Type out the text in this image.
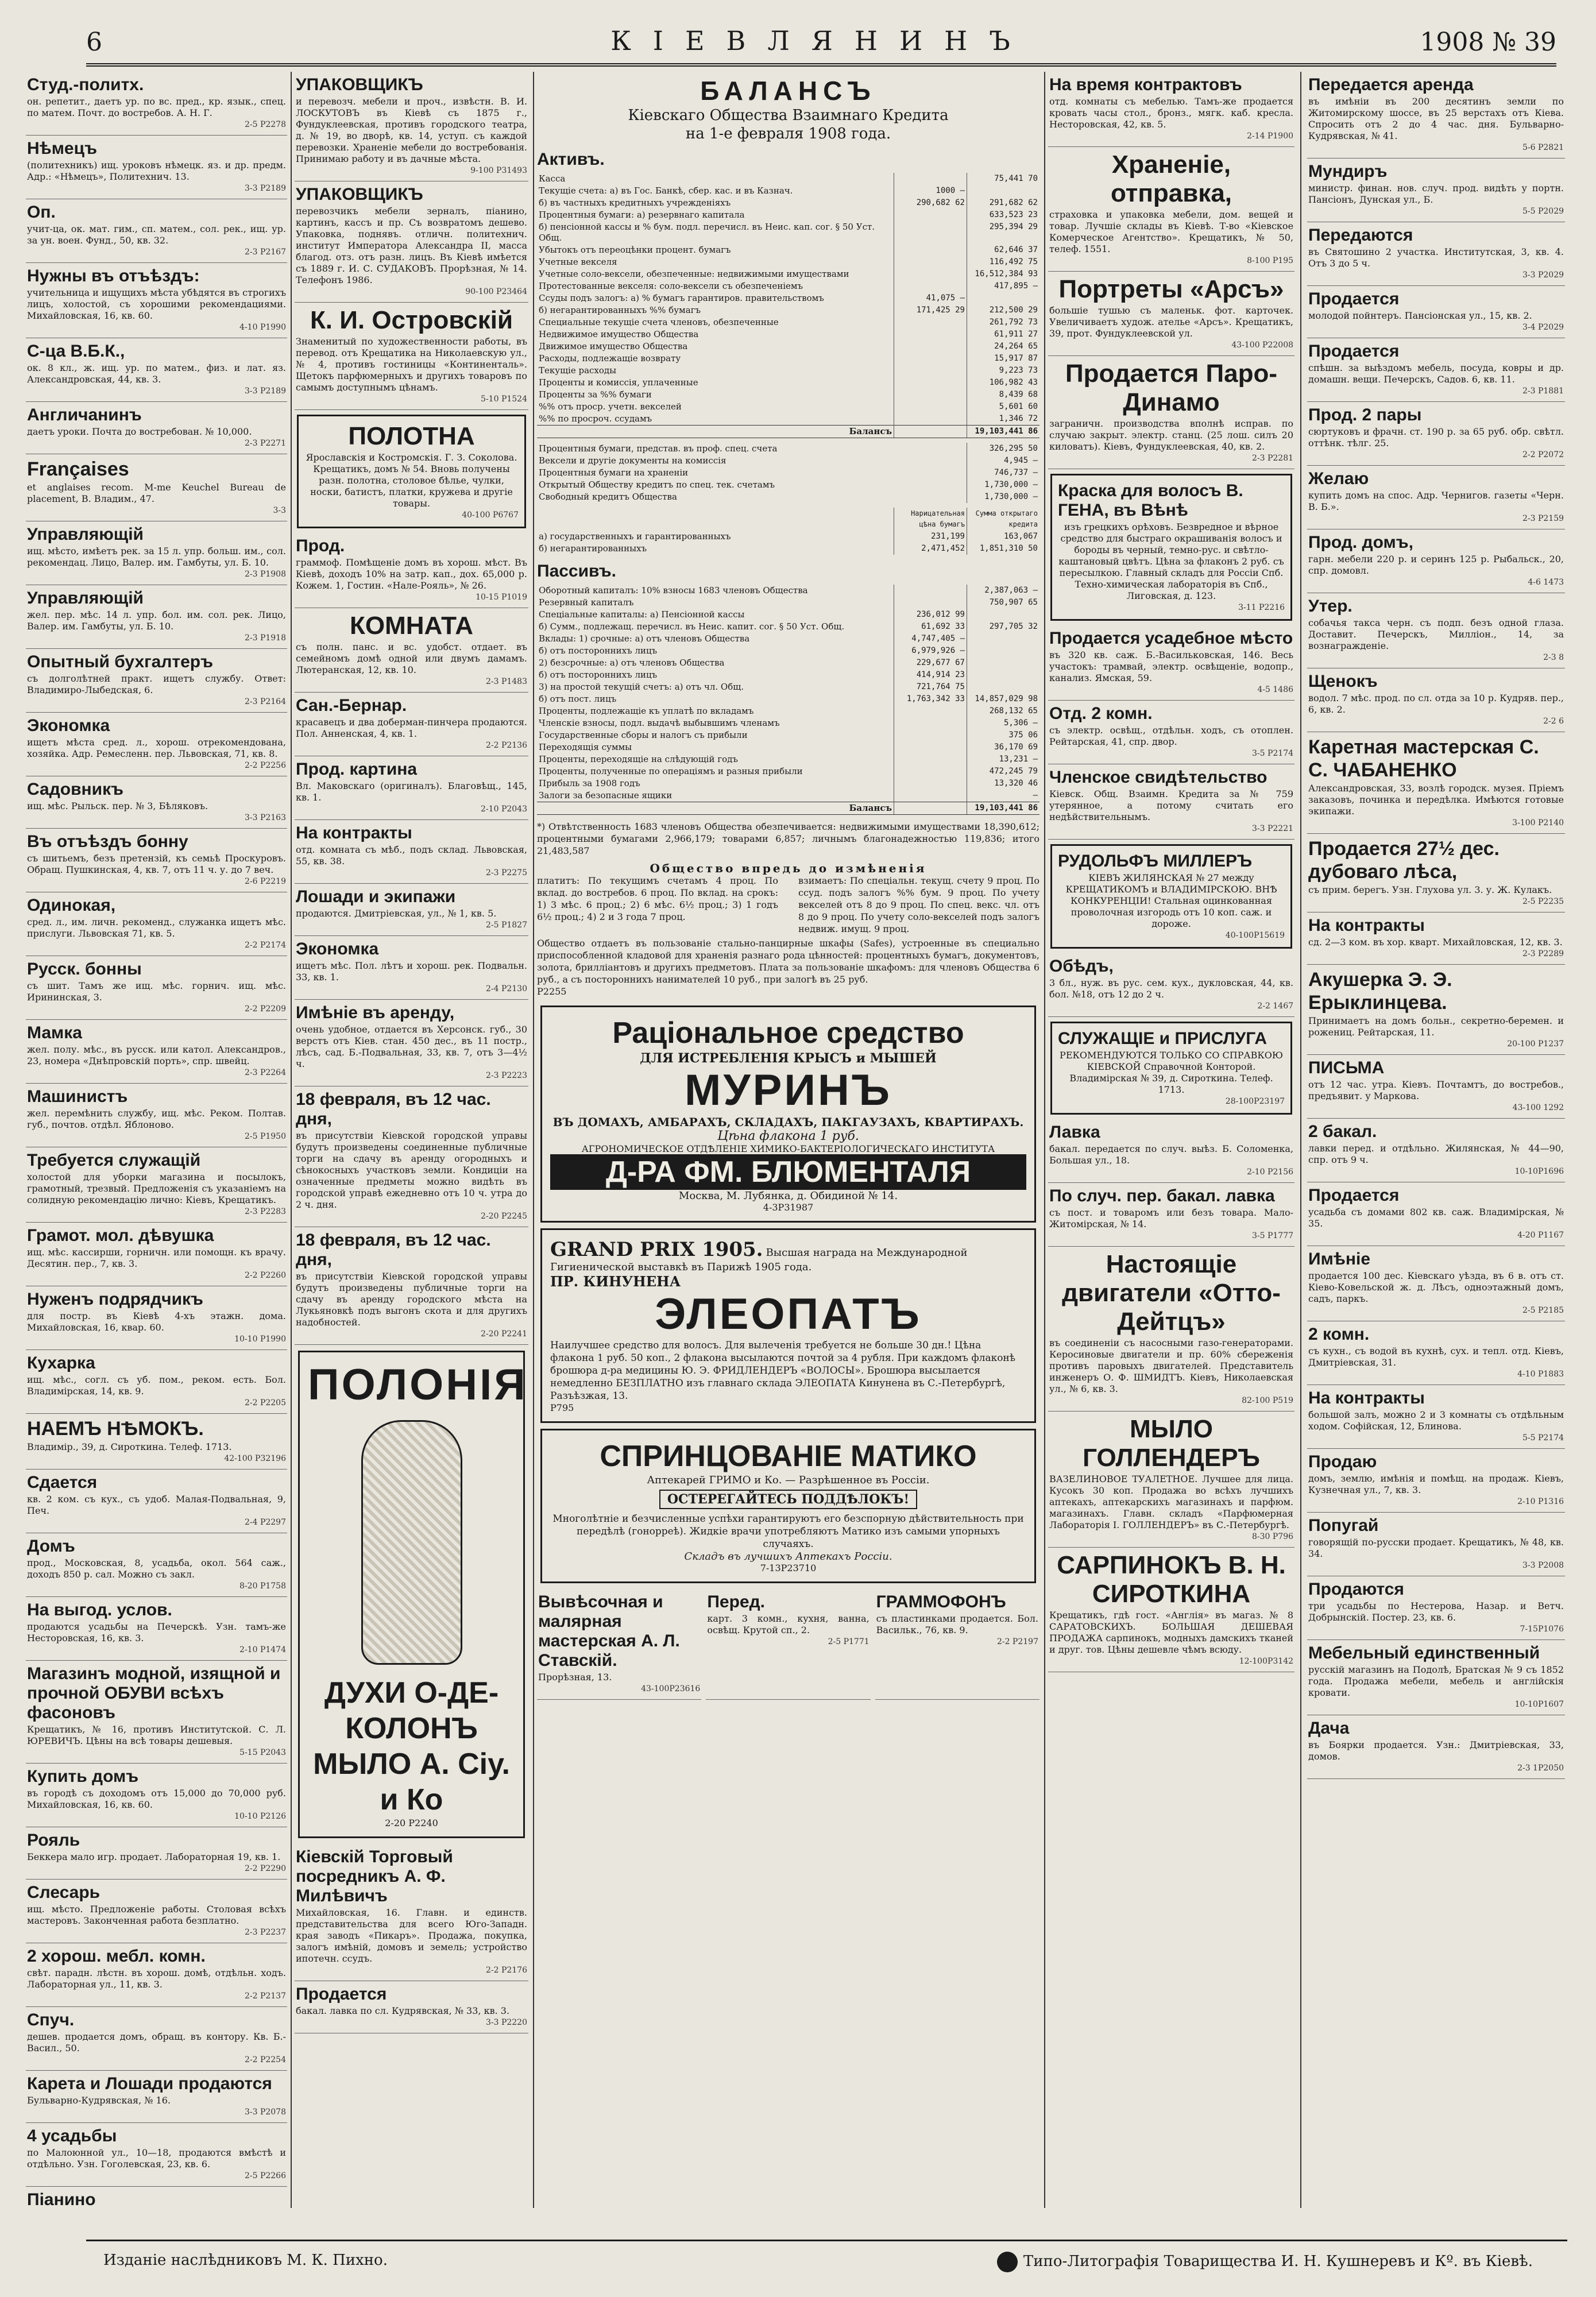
6	КІЕВЛЯНИНЪ	1908 № 39
Студ.-политх.
он. репетит., даетъ ур. по вс. пред., кр. язык., спец. по матем. Почт. до востребов. А. Н. Г.
2-5 Р2278
Нѣмецъ
(политехникъ) ищ. уроковъ нѣмецк. яз. и др. предм. Адр.: «Нѣмецъ», Политехнич. 13.
3-3 Р2189
Оп.
учит-ца, ок. мат. гим., сп. матем., сол. рек., ищ. ур. за ун. воен. Фунд., 50, кв. 32.
2-3 Р2167
Нужны въ отъѣздъ:
учительница и ищущихъ мѣста убѣдятся въ строгихъ лицъ, холостой, съ хорошими рекомендациями. Михайловская, 16, кв. 60.
4-10 Р1990
С-ца В.Б.К.,
ок. 8 кл., ж. ищ. ур. по матем., физ. и лат. яз. Александровская, 44, кв. 3.
3-3 Р2189
Англичанинъ
даетъ уроки. Почта до востребован. № 10,000.
2-3 Р2271
Françaises
et anglaises recom. M-me Keuchel Bureau de placement, В. Владим., 47.
3-3
Управляющій
ищ. мѣсто, имѣетъ рек. за 15 л. упр. больш. им., сол. рекомендац. Лицо, Валер. им. Гамбуты, ул. Б. 10.
2-3 Р1908
Управляющій
жел. пер. мѣс. 14 л. упр. бол. им. сол. рек. Лицо, Валер. им. Гамбуты, ул. Б. 10.
2-3 Р1918
Опытный бухгалтеръ
съ долголѣтней практ. ищетъ службу. Ответ: Владимиро-Лыбедская, 6.
2-3 Р2164
Экономка
ищетъ мѣста сред. л., хорош. отрекомендована, хозяйка. Адр. Ремесленн. пер. Львовская, 71, кв. 8.
2-2 Р2256
Садовникъ
ищ. мѣс. Рыльск. пер. № 3, Бѣляковъ.
3-3 Р2163
Въ отъѣздъ бонну
съ шитьемъ, безъ претензій, къ семьѣ Проскуровъ. Обращ. Пушкинская, 4, кв. 7, отъ 11 ч. у. до 7 веч.
2-6 Р2219
Одинокая,
сред. л., им. личн. рекоменд., служанка ищетъ мѣс. прислуги. Львовская 71, кв. 5.
2-2 Р2174
Русск. бонны
съ шит. Тамъ же ищ. мѣс. горнич. ищ. мѣс. Ирининская, 3.
2-2 Р2209
Мамка
жел. полу. мѣс., въ русск. или катол. Александров., 23, номера «Днѣпровскій порть», спр. швейц.
2-3 Р2264
Машинистъ
жел. перемѣнить службу, ищ. мѣс. Реком. Полтав. губ., почтов. отдѣл. Яблоново.
2-5 Р1950
Требуется служащій
холостой для уборки магазина и посылокъ, грамотный, трезвый. Предложенія съ указаніемъ на солидную рекомендацію лично: Кіевъ, Крещатикъ.
2-3 Р2283
Грамот. мол. дѣвушка
ищ. мѣс. кассирши, горничн. или помощн. къ врачу. Десятин. пер., 7, кв. 3.
2-2 Р2260
Нуженъ подрядчикъ
для постр. въ Кіевѣ 4-хъ этажн. дома. Михайловская, 16, квар. 60.
10-10 Р1990
Кухарка
ищ. мѣс., согл. съ уб. пом., реком. есть. Бол. Владимірская, 14, кв. 9.
2-2 Р2205
НАЕМЪ НѢМОКЪ.
Владимір., 39, д. Сироткина. Телеф. 1713.
42-100 Р32196
Сдается
кв. 2 ком. съ кух., съ удоб. Малая-Подвальная, 9, Печ.
2-4 Р2297
Домъ
прод., Московская, 8, усадьба, окол. 564 саж., доходъ 850 р. сал. Можно съ закл.
8-20 Р1758
На выгод. услов.
продаются усадьбы на Печерскѣ. Узн. тамъ-же Несторовская, 16, кв. 3.
2-10 Р1474
Магазинъ модной, изящной и прочной ОБУВИ всѣхъ фасоновъ
Крещатикъ, № 16, противъ Институтской. С. Л. ЮРЕВИЧЪ. Цѣны на всѣ товары дешевыя.
5-15 Р2043
Купить домъ
въ городѣ съ доходомъ отъ 15,000 до 70,000 руб. Михайловская, 16, кв. 60.
10-10 Р2126
Рояль
Беккера мало игр. продает. Лабораторная 19, кв. 1.
2-2 Р2290
Слесарь
ищ. мѣсто. Предложеніе работы. Столовая всѣхъ мастеровъ. Законченная работа безплатно.
2-3 Р2237
2 хорош. мебл. комн.
свѣт. парадн. лѣстн. въ хорош. домѣ, отдѣльн. ходъ. Лабораторная ул., 11, кв. 3.
2-2 Р2137
Спуч.
дешев. продается домъ, обращ. въ контору. Кв. Б.-Васил., 50.
2-2 Р2254
Карета и Лошади продаются
Бульварно-Кудрявская, № 16.
3-3 Р2078
4 усадьбы
по Малоюнной ул., 10—18, продаются вмѣстѣ и отдѣльно. Узн. Гоголевская, 23, кв. 6.
2-5 Р2266
Піанино
УПАКОВЩИКЪ
и перевозч. мебели и проч., извѣстн. В. И. ЛОСКУТОВЪ въ Кіевѣ съ 1875 г., Фундуклеевская, противъ городского театра, д. № 19, во дворѣ, кв. 14, уступ. съ каждой перевозки. Храненіе мебели до востребованія. Принимаю работу и въ дачные мѣста.
9-100 Р31493
УПАКОВЩИКЪ
перевозчикъ мебели зерналъ, піанино, картинъ, кассъ и пр. Съ возвратомъ дешево. Упаковка, поднявъ. отличн. политехнич. институт Императора Александра II, масса благод. отз. отъ разн. лицъ. Въ Кіевѣ имѣется съ 1889 г. И. С. СУДАКОВЪ. Прорѣзная, № 14. Телефонъ 1986.
90-100 Р23464
К. И. Островскій
Знаменитый по художественности работы, въ перевод. отъ Крещатика на Николаевскую ул., № 4, противъ гостиницы «Континенталь». Щетокъ парфюмерныхъ и другихъ товаровъ по самымъ доступнымъ цѣнамъ.
5-10 Р1524
ПОЛОТНА
Ярославскія и Костромскія. Г. З. Соколова. Крещатикъ, домъ № 54. Вновь получены разн. полотна, столовое бѣлье, чулки, носки, батистъ, платки, кружева и другіе товары.
40-100 Р6767
Прод.
граммоф. Помѣщеніе домъ въ хорош. мѣст. Въ Кіевѣ, доходъ 10% на затр. кап., дох. 65,000 р. Кожем. 1, Гостин. «Нале-Рояль», № 26.
10-15 Р1019
КОМНАТА
съ полн. панс. и вс. удобст. отдает. въ семейномъ домѣ одной или двумъ дамамъ. Лютеранская, 12, кв. 10.
2-3 Р1483
Сан.-Бернар.
красавецъ и два доберман-пинчера продаются. Пол. Анненская, 4, кв. 1.
2-2 Р2136
Прод. картина
Вл. Маковскаго (оригиналъ). Благовѣщ., 145, кв. 1.
2-10 Р2043
На контракты
отд. комната съ мѣб., подъ склад. Львовская, 55, кв. 38.
2-3 Р2275
Лошади и экипажи
продаются. Дмитріевская, ул., № 1, кв. 5.
2-5 Р1827
Экономка
ищетъ мѣс. Пол. лѣтъ и хорош. рек. Подвальн. 33, кв. 1.
2-4 Р2130
Имѣніе въ аренду,
очень удобное, отдается въ Херсонск. губ., 30 верстъ отъ Кіев. стан. 450 дес., въ 11 постр., лѣсъ, сад. Б.-Подвальная, 33, кв. 7, отъ 3—4½ ч.
2-3 Р2223
18 февраля, въ 12 час. дня,
въ присутствіи Кіевской городской управы будутъ произведены соединенные публичные торги на сдачу въ аренду огородныхъ и сѣнокосныхъ участковъ земли. Кондиціи на означенные предметы можно видѣть въ городской управѣ ежедневно отъ 10 ч. утра до 2 ч. дня.
2-20 Р2245
18 февраля, въ 12 час. дня,
въ присутствіи Кіевской городской управы будутъ произведены публичные торги на сдачу въ аренду городского мѣста на Лукьяновкѣ подъ выгонъ скота и для другихъ надобностей.
2-20 Р2241
ПОЛОНІЯ
ДУХИ О-ДЕ-КОЛОНЪ МЫЛО А. Сіу. и Ко
2-20 Р2240
Кіевскій Торговый посредникъ А. Ф. Милѣвичъ
Михайловская, 16. Главн. и единств. представительства для всего Юго-Западн. края заводъ «Пикаръ». Продажа, покупка, залогъ имѣній, домовъ и земель; устройство ипотечн. ссудъ.
2-2 Р2176
Продается
бакал. лавка по сл. Кудрявская, № 33, кв. 3.
3-3 Р2220
БАЛАНСЪ
Кіевскаго Общества Взаимнаго Кредита
на 1-е февраля 1908 года.
Активъ.
Касса		75,441 70
Текущіе счета: а) въ Гос. Банкѣ, сбер. кас. и въ Казнач.	1000 —	
б) въ частныхъ кредитныхъ учрежденіяхъ	290,682 62	291,682 62
Процентныя бумаги: а) резервнаго капитала		633,523 23
б) пенсіонной кассы и % бум. подл. перечисл. въ Неис. кап. сог. § 50 Уст. Общ.		295,394 29
Убытокъ отъ переоцѣнки процент. бумагъ		62,646 37
Учетные векселя		116,492 75
Учетные соло-вексели, обезпеченные: недвижимыми имуществами		16,512,384 93
Протестованные векселя: соло-вексели съ обезпеченіемъ		417,895 —
Ссуды подъ залогъ: а) % бумагъ гарантиров. правительствомъ	41,075 —	
б) негарантированныхъ %% бумагъ	171,425 29	212,500 29
Специальные текущіе счета членовъ, обезпеченные		261,792 73
Недвижимое имущество Общества		61,911 27
Движимое имущество Общества		24,264 65
Расходы, подлежащіе возврату		15,917 87
Текущіе расходы		9,223 73
Проценты и комиссія, уплаченные		106,982 43
Проценты за %% бумаги		8,439 68
%% отъ проср. учетн. векселей		5,601 60
%% по просроч. ссудамъ		1,346 72
Балансъ		19,103,441 86
Процентныя бумаги, представ. въ проф. спец. счета	326,295 50
Вексели и другіе документы на комиссія	4,945 —
Процентныя бумаги на храненіи	746,737 —
Открытый Обществу кредитъ по спец. тек. счетамъ	1,730,000 —
Свободный кредитъ Общества	1,730,000 —
	Нарицательная цѣна бумагъ	Сумма открытаго кредита
а) государственныхъ и гарантированныхъ	231,199	163,067
б) негарантированныхъ	2,471,452	1,851,310 50
Пассивъ.
Оборотный капиталъ: 10% взносы 1683 членовъ Общества		2,387,063 —
Резервный капиталъ		750,907 65
Спеціальные капиталы: а) Пенсіонной кассы	236,012 99	
б) Сумм., подлежащ. перечисл. въ Неис. капит. сог. § 50 Уст. Общ.	61,692 33	297,705 32
Вклады: 1) срочные: а) отъ членовъ Общества	4,747,405 —	
б) отъ постороннихъ лицъ	6,979,926 —	
2) безсрочные: а) отъ членовъ Общества	229,677 67	
б) отъ постороннихъ лицъ	414,914 23	
3) на простой текущій счетъ: а) отъ чл. Общ.	721,764 75	
б) отъ пост. лицъ	1,763,342 33	14,857,029 98
Проценты, подлежащіе къ уплатѣ по вкладамъ		268,132 65
Членскіе взносы, подл. выдачѣ выбывшимъ членамъ		5,306 —
Государственные сборы и налогъ съ прибыли		375 06
Переходящія суммы		36,170 69
Проценты, переходящіе на слѣдующій годъ		13,231 —
Проценты, полученные по операціямъ и разныя прибыли		472,245 79
Прибыль за 1908 годъ		13,320 46
Залоги за безопасные ящики		—
Балансъ		19,103,441 86
*) Отвѣтственность 1683 членовъ Общества обезпечивается: недвижимыми имуществами 18,390,612; процентными бумагами 2,966,179; товарами 6,857; личнымъ благонадежностью 119,836; итого 21,483,587
Общество впредь до измѣненія
платитъ: По текущимъ счетамъ 4 проц. По вклад. до востребов. 6 проц. По вклад. на срокъ: 1) 3 мѣс. 6 проц.; 2) 6 мѣс. 6½ проц.; 3) 1 годъ 6½ проц.; 4) 2 и 3 года 7 проц.
взимаетъ: По спеціальн. текущ. счету 9 проц. По ссуд. подъ залогъ %% бум. 9 проц. По учету векселей отъ 8 до 9 проц. По спец. векс. чл. отъ 8 до 9 проц. По учету соло-векселей подъ залогъ недвиж. имущ. 9 проц.
Общество отдаетъ въ пользованіе стально-панцирные шкафы (Safes), устроенные въ специально приспособленной кладовой для храненія разнаго рода цѣнностей: процентныхъ бумагъ, документовъ, золота, брилліантовъ и другихъ предметовъ. Плата за пользованіе шкафомъ: для членовъ Общества 6 руб., а съ постороннихъ нанимателей 10 руб., при залогѣ въ 25 руб.
Р2255
Раціональное средство
ДЛЯ ИСТРЕБЛЕНІЯ КРЫСЪ и МЫШЕЙ
МУРИНЪ
ВЪ ДОМАХЪ, АМБАРАХЪ, СКЛАДАХЪ, ПАКГАУЗАХЪ, КВАРТИРАХЪ.
Цѣна флакона 1 руб.
АГРОНОМИЧЕСКОЕ ОТДѢЛЕНІЕ ХИМИКО-БАКТЕРІОЛОГИЧЕСКАГО ИНСТИТУТА
Д-РА ФМ. БЛЮМЕНТАЛЯ
Москва, М. Лубянка, д. Обидиной № 14.
4-3Р31987
GRAND PRIX 1905. Высшая награда на Международной Гигиенической выставкѣ въ Парижѣ 1905 года.
ПР. КИНУНЕНА
ЭЛЕОПАТЪ
Наилучшее средство для волосъ. Для вылеченія требуется не больше 30 дн.! Цѣна флакона 1 руб. 50 коп., 2 флакона высылаются почтой за 4 рубля. При каждомъ флаконѣ брошюра д-ра медицины Ю. Э. ФРИДЛЕНДЕРЪ «ВОЛОСЫ». Брошюра высылается немедленно БЕЗПЛАТНО изъ главнаго склада ЭЛЕОПАТА Кинунена въ С.-Петербургѣ, Разъѣзжая, 13.
Р795
СПРИНЦОВАНІЕ МАТИКО
Аптекарей ГРИМО и Ко. — Разрѣшенное въ Россіи.
ОСТЕРЕГАЙТЕСЬ ПОДДѢЛОКЪ!
Многолѣтніе и безчисленные успѣхи гарантируютъ его безспорную дѣйствительность при передѣлѣ (гонорреѣ). Жидкіе врачи употребляютъ Матико изъ самыми упорныхъ случаяхъ.
Складъ въ лучшихъ Аптекахъ Россіи.
7-13Р23710
Вывѣсочная и малярная мастерская А. Л. Ставскій.
Прорѣзная, 13.
43-100Р23616
Перед.
карт. 3 комн., кухня, ванна, освѣщ. Крутой сп., 2.
2-5 Р1771
ГРАММОФОНЪ
съ пластинками продается. Бол. Васильк., 76, кв. 9.
2-2 Р2197
На время контрактовъ
отд. комнаты съ мебелью. Тамъ-же продается кровать часы стол., бронз., мягк. каб. кресла. Несторовская, 42, кв. 5.
2-14 Р1900
Храненіе, отправка,
страховка и упаковка мебели, дом. вещей и товар. Лучшіе склады въ Кіевѣ. Т-во «Кіевское Комерческое Агентство». Крещатикъ, № 50, телеф. 1551.
8-100 Р195
Портреты «Арсъ»
большіе тушью съ маленьк. фот. карточек. Увеличиваетъ худож. ателье «Арсъ». Крещатикъ, 39, прот. Фундуклеевской ул.
43-100 Р22008
Продается Паро-Динамо
заграничн. производства вполнѣ исправ. по случаю закрыт. электр. станц. (25 лош. силъ 20 киловатъ). Кіевъ, Фундуклеевская, 40, кв. 2.
2-3 Р2281
Краска для волосъ В. ГЕНА, въ Вѣнѣ
изъ грецкихъ орѣховъ. Безвредное и вѣрное средство для быстраго окрашиванія волосъ и бороды въ черный, темно-рус. и свѣтло-каштановый цвѣтъ. Цѣна за флаконъ 2 руб. съ пересылкою. Главный складъ для Россіи Спб. Техно-химическая лабораторія въ Спб., Лиговская, д. 123.
3-11 Р2216
Продается усадебное мѣсто
въ 320 кв. саж. Б.-Васильковская, 146. Весь участокъ: трамвай, электр. освѣщеніе, водопр., канализ. Ямская, 59.
4-5 1486
Отд. 2 комн.
съ электр. освѣщ., отдѣльн. ходъ, съ отоплен. Рейтарская, 41, спр. двор.
3-5 Р2174
Членское свидѣтельство
Кіевск. Общ. Взаимн. Кредита за № 759 утерянное, а потому считать его недѣйствительнымъ.
3-3 Р2221
РУДОЛЬФЪ МИЛЛЕРЪ
КІЕВЪ ЖИЛЯНСКАЯ № 27 между КРЕЩАТИКОМЪ и ВЛАДИМІРСКОЮ. ВНѢ КОНКУРЕНЦІИ! Стальная оцинкованная проволочная изгородь отъ 10 коп. саж. и дороже.
40-100Р15619
Обѣдъ,
3 бл., нуж. въ рус. сем. кух., дукловская, 44, кв. бол. №18, отъ 12 до 2 ч.
2-2 1467
СЛУЖАЩІЕ и ПРИСЛУГА
РЕКОМЕНДУЮТСЯ ТОЛЬКО СО СПРАВКОЮ КІЕВСКОЙ Справочной Конторой. Владимірская № 39, д. Сироткина. Телеф. 1713.
28-100Р23197
Лавка
бакал. передается по случ. выѣз. Б. Соломенка, Большая ул., 18.
2-10 Р2156
По случ. пер. бакал. лавка
съ пост. и товаромъ или безъ товара. Мало-Житомірская, № 14.
3-5 Р1777
Настоящіе двигатели «Отто-Дейтцъ»
въ соединеніи съ насосными газо-генераторами. Керосиновые двигатели и пр. 60% сбереженія противъ паровыхъ двигателей. Представитель инженеръ О. Ф. ШМИДТЪ. Кіевъ, Николаевская ул., № 6, кв. 3.
82-100 Р519
МЫЛО ГОЛЛЕНДЕРЪ
ВАЗЕЛИНОВОЕ ТУАЛЕТНОЕ. Лучшее для лица. Кусокъ 30 коп. Продажа во всѣхъ лучшихъ аптекахъ, аптекарскихъ магазинахъ и парфюм. магазинахъ. Главн. складъ «Парфюмерная Лабораторія І. ГОЛЛЕНДЕРЪ» въ С.-Петербургѣ.
8-30 Р796
САРПИНОКЪ В. Н. СИРОТКИНА
Крещатикъ, гдѣ гост. «Англія» въ магаз. № 8 САРАТОВСКИХЪ. БОЛЬШАЯ ДЕШЕВАЯ ПРОДАЖА сарпинокъ, модныхъ дамскихъ тканей и друг. тов. Цѣны дешевле чѣмъ всюду.
12-100Р3142
Передается аренда
въ имѣніи въ 200 десятинъ земли по Житомирскому шоссе, въ 25 верстахъ отъ Кіева. Спросить отъ 2 до 4 час. дня. Бульварно-Кудрявская, № 41.
5-6 Р2821
Мундиръ
министр. финан. нов. случ. прод. видѣть у портн. Пансіонъ, Дунская ул., Б.
5-5 Р2029
Передаются
въ Святошино 2 участка. Институтская, 3, кв. 4. Отъ 3 до 5 ч.
3-3 Р2029
Продается
молодой пойнтеръ. Пансіонская ул., 15, кв. 2.
3-4 Р2029
Продается
спѣшн. за выѣздомъ мебель, посуда, ковры и др. домашн. вещи. Печерскъ, Садов. 6, кв. 11.
2-3 Р1881
Прод. 2 пары
сюртуковъ и фрачн. ст. 190 р. за 65 руб. обр. свѣтл. оттѣнк. тѣлг. 25.
2-2 Р2072
Желаю
купить домъ на спос. Адр. Чернигов. газеты «Черн. В. Б.».
2-3 Р2159
Прод. домъ,
гарн. мебели 220 р. и серинъ 125 р. Рыбальск., 20, спр. домовл.
4-6 1473
Утер.
собачья такса черн. съ подп. безъ одной глаза. Доставит. Печерскъ, Милліон., 14, за вознагражденіе.
2-3 8
Щенокъ
водол. 7 мѣс. прод. по сл. отда за 10 р. Кудряв. пер., 6, кв. 2.
2-2 6
Каретная мастерская С. С. ЧАБАНЕНКО
Александровская, 33, возлѣ городск. музея. Пріемъ заказовъ, починка и передѣлка. Имѣются готовые экипажи.
3-100 Р2140
Продается 27½ дес. дубоваго лѣса,
съ прим. берегъ. Узн. Глухова ул. 3. у. Ж. Кулакъ.
2-5 Р2235
На контракты
сд. 2—3 ком. въ хор. кварт. Михайловская, 12, кв. 3.
2-3 Р2289
Акушерка Э. Э. Ерыклинцева.
Принимаетъ на домъ больн., секретно-беремен. и рожениц. Рейтарская, 11.
20-100 Р1237
ПИСЬМА
отъ 12 час. утра. Кіевъ. Почтамтъ, до востребов., предъявит. у Маркова.
43-100 1292
2 бакал.
лавки перед. и отдѣльно. Жилянская, № 44—90, спр. отъ 9 ч.
10-10Р1696
Продается
усадьба съ домами 802 кв. саж. Владимірская, № 35.
4-20 Р1167
Имѣніе
продается 100 дес. Кіевскаго уѣзда, въ 6 в. отъ ст. Кіево-Ковельской ж. д. Лѣсъ, одноэтажный домъ, садъ, паркъ.
2-5 Р2185
2 комн.
съ кухн., съ водой въ кухнѣ, сух. и тепл. отд. Кіевъ, Дмитріевская, 31.
4-10 Р1883
На контракты
большой залъ, можно 2 и 3 комнаты съ отдѣльным ходом. Софійская, 12, Блинова.
5-5 Р2174
Продаю
домъ, землю, имѣнія и помѣщ. на продаж. Кіевъ, Кузнечная ул., 7, кв. 3.
2-10 Р1316
Попугай
говорящій по-русски продает. Крещатикъ, № 48, кв. 34.
3-3 Р2008
Продаются
три усадьбы по Нестерова, Назар. и Ветч. Добрынскій. Постер. 23, кв. 6.
7-15Р1076
Мебельный единственный
русскій магазинъ на Подолѣ, Братская № 9 съ 1852 года. Продажа мебели, мебель и англійскія кровати.
10-10Р1607
Дача
въ Боярки продается. Узн.: Дмитріевская, 33, домов.
2-3 1Р2050
Изданіе наслѣдниковъ М. К. Пихно.	Типо-Литографія Товарищества И. Н. Кушнеревъ и Кº. въ Кіевѣ.
